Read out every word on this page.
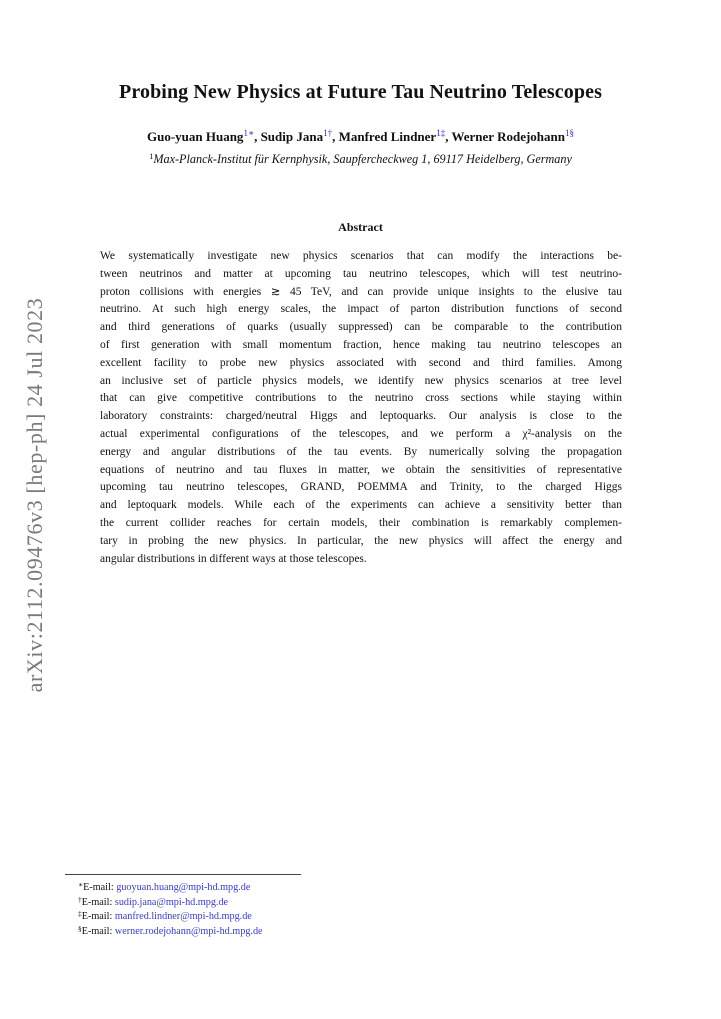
Probing New Physics at Future Tau Neutrino Telescopes
Guo-yuan Huang$^{1∗}$, Sudip Jana$^{1\dagger}$, Manfred Lindner$^{1\ddagger}$, Werner Rodejohann$^{1\S}$
$^1$Max-Planck-Institut für Kernphysik, Saupfercheckweg 1, 69117 Heidelberg, Germany
Abstract
We systematically investigate new physics scenarios that can modify the interactions be-
tween neutrinos and matter at upcoming tau neutrino telescopes, which will test neutrino-
proton collisions with energies ≳ 45 TeV, and can provide unique insights to the elusive tau
neutrino. At such high energy scales, the impact of parton distribution functions of second
and third generations of quarks (usually suppressed) can be comparable to the contribution
of first generation with small momentum fraction, hence making tau neutrino telescopes an
excellent facility to probe new physics associated with second and third families. Among
an inclusive set of particle physics models, we identify new physics scenarios at tree level
that can give competitive contributions to the neutrino cross sections while staying within
laboratory constraints: charged/neutral Higgs and leptoquarks. Our analysis is close to the
actual experimental configurations of the telescopes, and we perform a χ²-analysis on the
energy and angular distributions of the tau events. By numerically solving the propagation
equations of neutrino and tau fluxes in matter, we obtain the sensitivities of representative
upcoming tau neutrino telescopes, GRAND, POEMMA and Trinity, to the charged Higgs
and leptoquark models. While each of the experiments can achieve a sensitivity better than
the current collider reaches for certain models, their combination is remarkably complemen-
tary in probing the new physics. In particular, the new physics will affect the energy and
angular distributions in different ways at those telescopes.
arXiv:2112.09476v3 [hep-ph] 24 Jul 2023
∗E-mail: guoyuan.huang@mpi-hd.mpg.de
†E-mail: sudip.jana@mpi-hd.mpg.de
‡E-mail: manfred.lindner@mpi-hd.mpg.de
§E-mail: werner.rodejohann@mpi-hd.mpg.de
